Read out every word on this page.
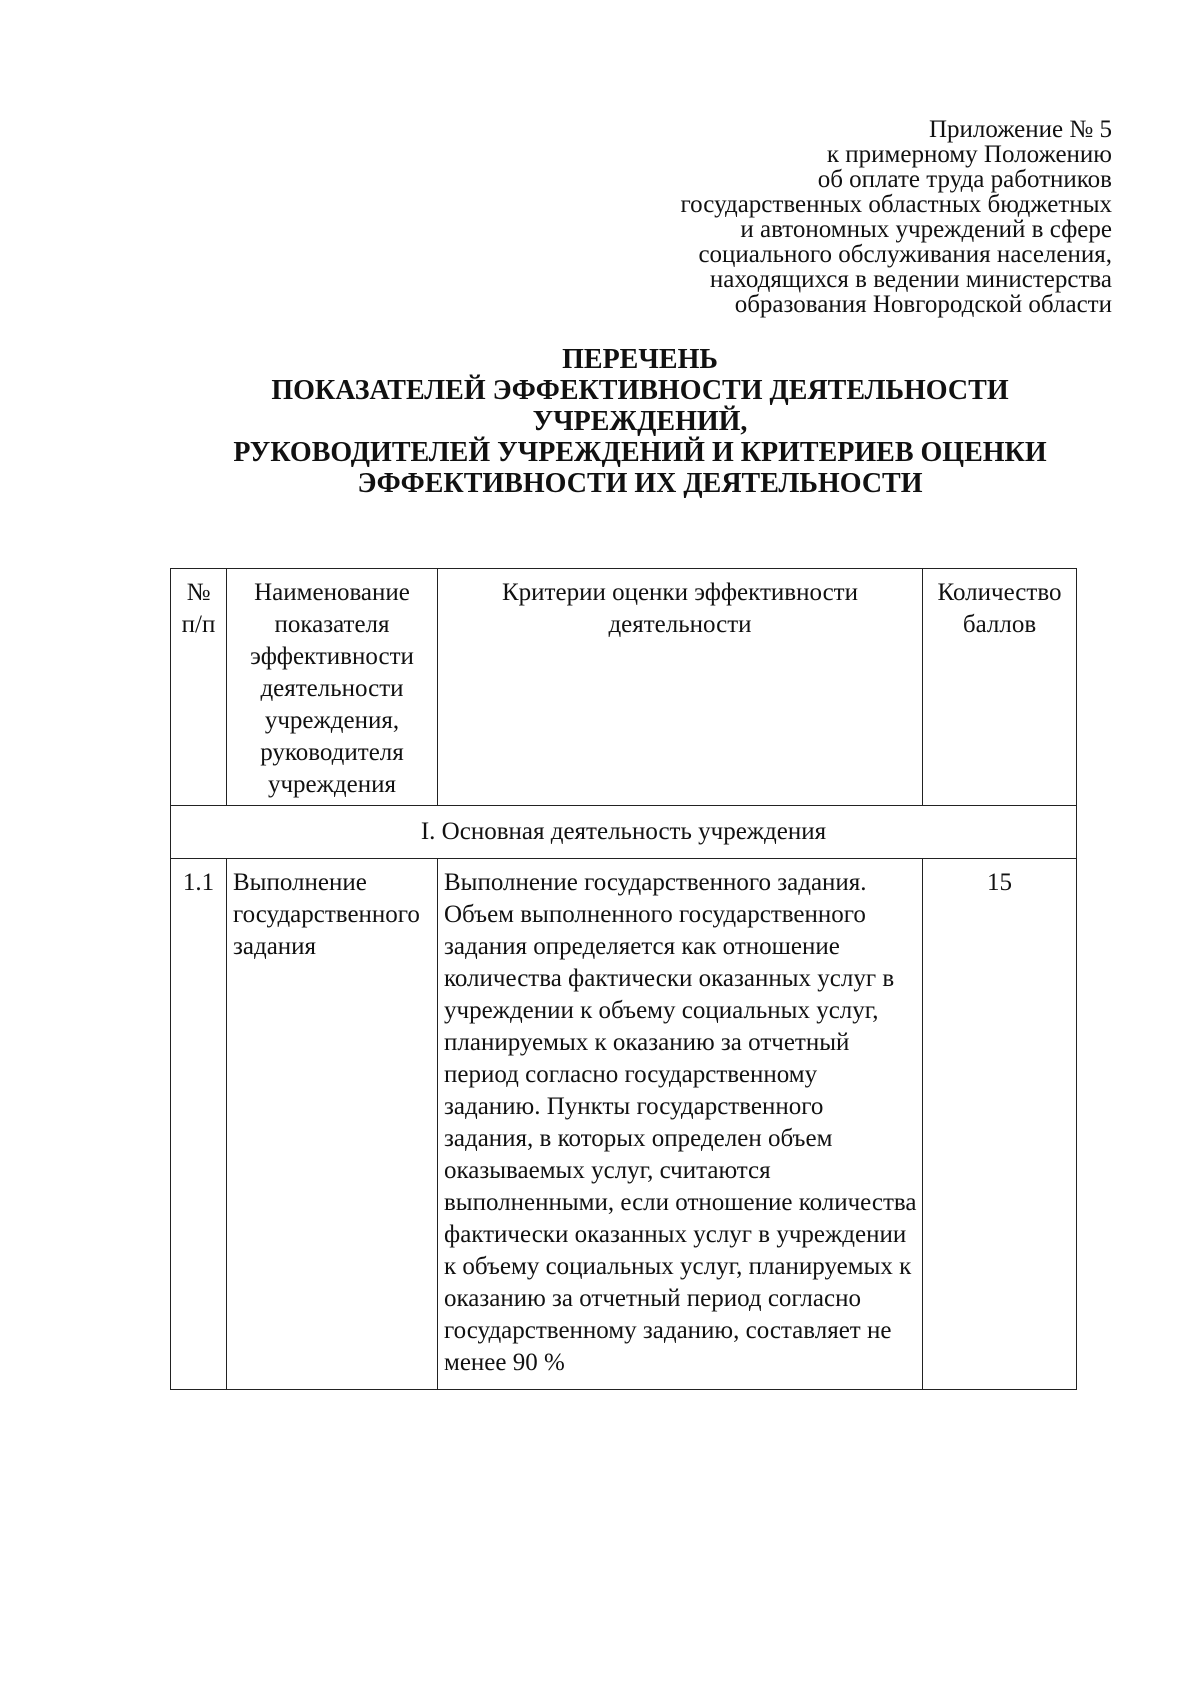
Приложение № 5
к примерному Положению
об оплате труда работников
государственных областных бюджетных
и автономных учреждений в сфере
социального обслуживания населения,
находящихся в ведении министерства
образования Новгородской области
ПЕРЕЧЕНЬ
ПОКАЗАТЕЛЕЙ ЭФФЕКТИВНОСТИ ДЕЯТЕЛЬНОСТИ
УЧРЕЖДЕНИЙ,
РУКОВОДИТЕЛЕЙ УЧРЕЖДЕНИЙ И КРИТЕРИЕВ ОЦЕНКИ
ЭФФЕКТИВНОСТИ ИХ ДЕЯТЕЛЬНОСТИ
№ п/п	Наименование показателя эффективности деятельности учреждения, руководителя учреждения	Критерии оценки эффективности деятельности	Количество баллов
I. Основная деятельность учреждения			
1.1	Выполнение государственного задания	Выполнение государственного задания. Объем выполненного государственного задания определяется как отношение количества фактически оказанных услуг в учреждении к объему социальных услуг, планируемых к оказанию за отчетный период согласно государственному заданию. Пункты государственного задания, в которых определен объем оказываемых услуг, считаются выполненными, если отношение количества фактически оказанных услуг в учреждении к объему социальных услуг, планируемых к оказанию за отчетный период согласно государственному заданию, составляет не менее 90 %	15
